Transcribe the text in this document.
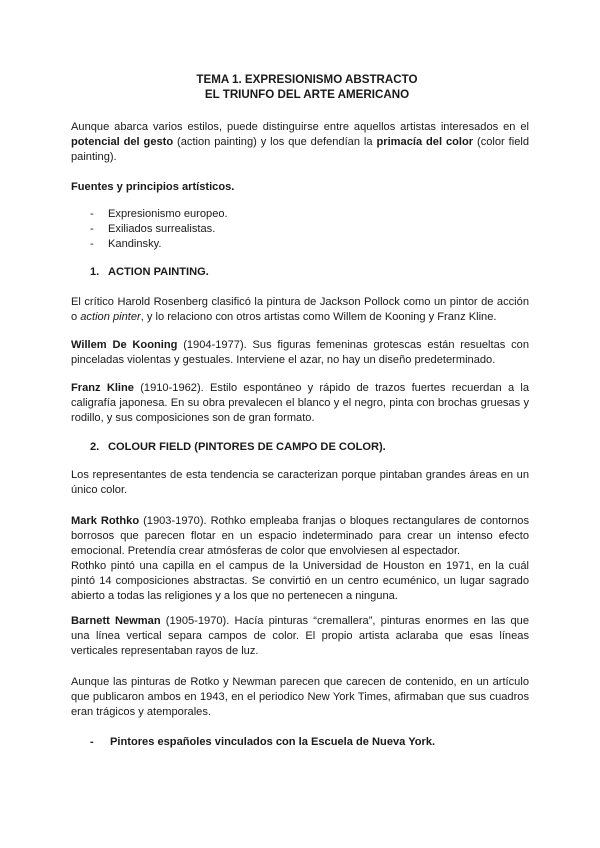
TEMA 1. EXPRESIONISMO ABSTRACTO
EL TRIUNFO DEL ARTE AMERICANO

Aunque abarca varios estilos, puede distinguirse entre aquellos artistas interesados en el potencial del gesto (action painting) y los que defendían la primacía del color (color field painting).

Fuentes y principios artísticos.
- Expresionismo europeo.
- Exiliados surrealistas.
- Kandinsky.
1. ACTION PAINTING.

El crítico Harold Rosenberg clasificó la pintura de Jackson Pollock como un pintor de acción o action pinter, y lo relaciono con otros artistas como Willem de Kooning y Franz Kline.

Willem De Kooning (1904-1977). Sus figuras femeninas grotescas están resueltas con pinceladas violentas y gestuales. Interviene el azar, no hay un diseño predeterminado.

Franz Kline (1910-1962). Estilo espontáneo y rápido de trazos fuertes recuerdan a la caligrafía japonesa. En su obra prevalecen el blanco y el negro, pinta con brochas gruesas y rodillo, y sus composiciones son de gran formato.

2. COLOUR FIELD (PINTORES DE CAMPO DE COLOR).
Los representantes de esta tendencia se caracterizan porque pintaban grandes áreas en un único color.

Mark Rothko (1903-1970). Rothko empleaba franjas o bloques rectangulares de contornos borrosos que parecen flotar en un espacio indeterminado para crear un intenso efecto emocional. Pretendía crear atmósferas de color que envolviesen al espectador.

Rothko pintó una capilla en el campus de la Universidad de Houston en 1971, en la cuál pintó 14 composiciones abstractas. Se convirtió en un centro ecuménico, un lugar sagrado abierto a todas las religiones y a los que no pertenecen a ninguna.

Barnett Newman (1905-1970). Hacía pinturas “cremallera”, pinturas enormes en las que una línea vertical separa campos de color. El propio artista aclaraba que esas líneas verticales representaban rayos de luz.

Aunque las pinturas de Rotko y Newman parecen que carecen de contenido, en un artículo que publicaron ambos en 1943, en el periodico New York Times, afirmaban que sus cuadros eran trágicos y atemporales.
- Pintores españoles vinculados con la Escuela de Nueva York.
